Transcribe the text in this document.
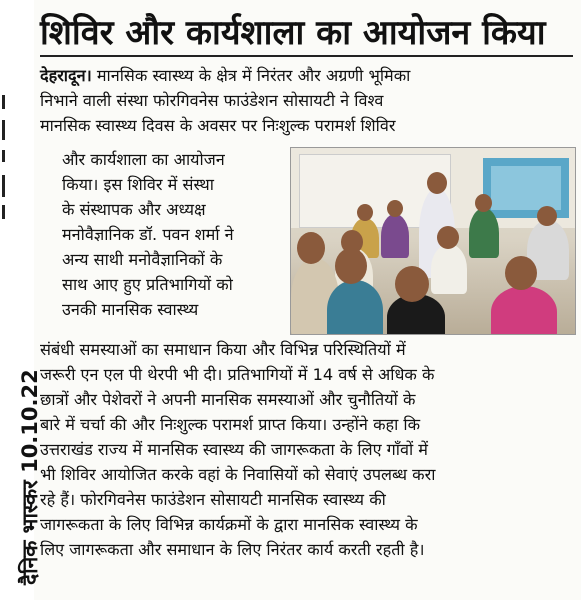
दैनिक भास्कर 10.10.22
शिविर और कार्यशाला का आयोजन किया
देहरादून। मानसिक स्वास्थ्य के क्षेत्र में निरंतर और अग्रणी भूमिका
निभाने वाली संस्था फोरगिवनेस फाउंडेशन सोसायटी ने विश्व
मानसिक स्वास्थ्य दिवस के अवसर पर निःशुल्क परामर्श शिविर
और कार्यशाला का आयोजन
किया। इस शिविर में संस्था
के संस्थापक और अध्यक्ष
मनोवैज्ञानिक डॉ. पवन शर्मा ने
अन्य साथी मनोवैज्ञानिकों के
साथ आए हुए प्रतिभागियों को
उनकी मानसिक स्वास्थ्य
संबंधी समस्याओं का समाधान किया और विभिन्न परिस्थितियों में
जरूरी एन एल पी थेरपी भी दी। प्रतिभागियों में 14 वर्ष से अधिक के
छात्रों और पेशेवरों ने अपनी मानसिक समस्याओं और चुनौतियों के
बारे में चर्चा की और निःशुल्क परामर्श प्राप्त किया। उन्होंने कहा कि
उत्तराखंड राज्य में मानसिक स्वास्थ्य की जागरूकता के लिए गाँवों में
भी शिविर आयोजित करके वहां के निवासियों को सेवाएं उपलब्ध करा
रहे हैं। फोरगिवनेस फाउंडेशन सोसायटी मानसिक स्वास्थ्य की
जागरूकता के लिए विभिन्न कार्यक्रमों के द्वारा मानसिक स्वास्थ्य के
लिए जागरूकता और समाधान के लिए निरंतर कार्य करती रहती है।
